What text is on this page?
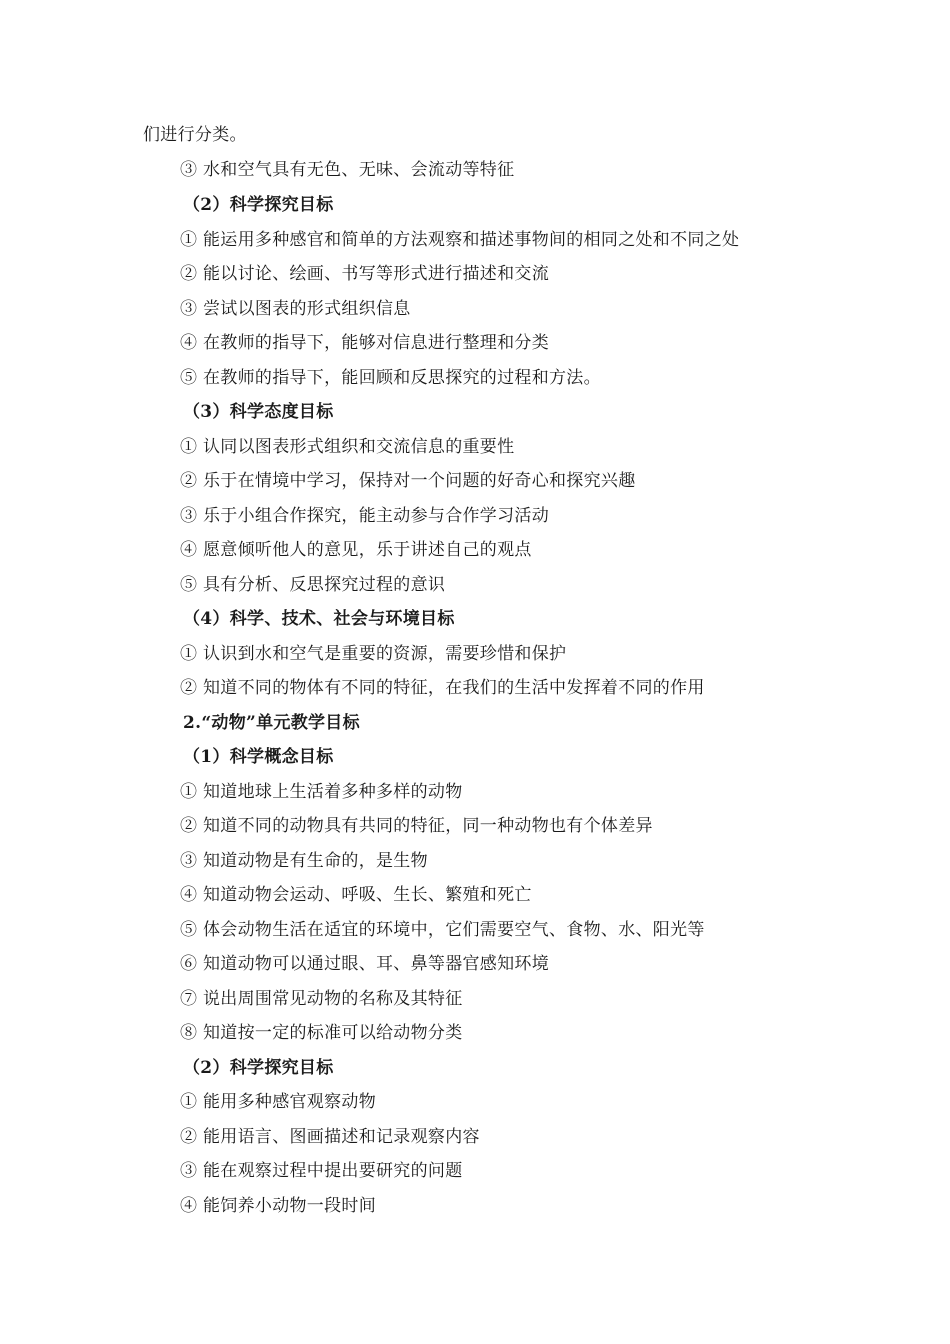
们进行分类。
③ 水和空气具有无色、无味、会流动等特征
（2）科学探究目标
① 能运用多种感官和简单的方法观察和描述事物间的相同之处和不同之处
② 能以讨论、绘画、书写等形式进行描述和交流
③ 尝试以图表的形式组织信息
④ 在教师的指导下，能够对信息进行整理和分类
⑤ 在教师的指导下，能回顾和反思探究的过程和方法。
（3）科学态度目标
① 认同以图表形式组织和交流信息的重要性
② 乐于在情境中学习，保持对一个问题的好奇心和探究兴趣
③ 乐于小组合作探究，能主动参与合作学习活动
④ 愿意倾听他人的意见，乐于讲述自己的观点
⑤ 具有分析、反思探究过程的意识
（4）科学、技术、社会与环境目标
① 认识到水和空气是重要的资源，需要珍惜和保护
② 知道不同的物体有不同的特征，在我们的生活中发挥着不同的作用
2.“动物”单元教学目标
（1）科学概念目标
① 知道地球上生活着多种多样的动物
② 知道不同的动物具有共同的特征，同一种动物也有个体差异
③ 知道动物是有生命的，是生物
④ 知道动物会运动、呼吸、生长、繁殖和死亡
⑤ 体会动物生活在适宜的环境中，它们需要空气、食物、水、阳光等
⑥ 知道动物可以通过眼、耳、鼻等器官感知环境
⑦ 说出周围常见动物的名称及其特征
⑧ 知道按一定的标准可以给动物分类
（2）科学探究目标
① 能用多种感官观察动物
② 能用语言、图画描述和记录观察内容
③ 能在观察过程中提出要研究的问题
④ 能饲养小动物一段时间
